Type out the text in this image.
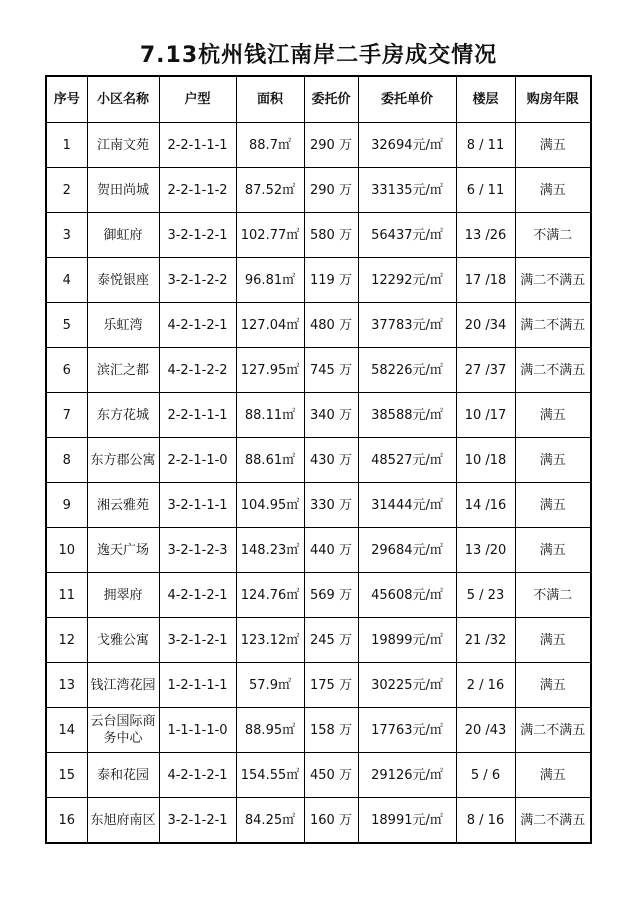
7.13杭州钱江南岸二手房成交情况
序号	小区名称	户型	面积	委托价	委托单价	楼层	购房年限
1	江南文苑	2-2-1-1-1	88.7㎡	290 万	32694元/㎡	8 / 11	满五
2	贺田尚城	2-2-1-1-2	87.52㎡	290 万	33135元/㎡	6 / 11	满五
3	御虹府	3-2-1-2-1	102.77㎡	580 万	56437元/㎡	13 /26	不满二
4	泰悦银座	3-2-1-2-2	96.81㎡	119 万	12292元/㎡	17 /18	满二不满五
5	乐虹湾	4-2-1-2-1	127.04㎡	480 万	37783元/㎡	20 /34	满二不满五
6	滨汇之都	4-2-1-2-2	127.95㎡	745 万	58226元/㎡	27 /37	满二不满五
7	东方花城	2-2-1-1-1	88.11㎡	340 万	38588元/㎡	10 /17	满五
8	东方郡公寓	2-2-1-1-0	88.61㎡	430 万	48527元/㎡	10 /18	满五
9	湘云雅苑	3-2-1-1-1	104.95㎡	330 万	31444元/㎡	14 /16	满五
10	逸天广场	3-2-1-2-3	148.23㎡	440 万	29684元/㎡	13 /20	满五
11	拥翠府	4-2-1-2-1	124.76㎡	569 万	45608元/㎡	5 / 23	不满二
12	戈雅公寓	3-2-1-2-1	123.12㎡	245 万	19899元/㎡	21 /32	满五
13	钱江湾花园	1-2-1-1-1	57.9㎡	175 万	30225元/㎡	2 / 16	满五
14	云台国际商务中心	1-1-1-1-0	88.95㎡	158 万	17763元/㎡	20 /43	满二不满五
15	泰和花园	4-2-1-2-1	154.55㎡	450 万	29126元/㎡	5 / 6	满五
16	东旭府南区	3-2-1-2-1	84.25㎡	160 万	18991元/㎡	8 / 16	满二不满五
